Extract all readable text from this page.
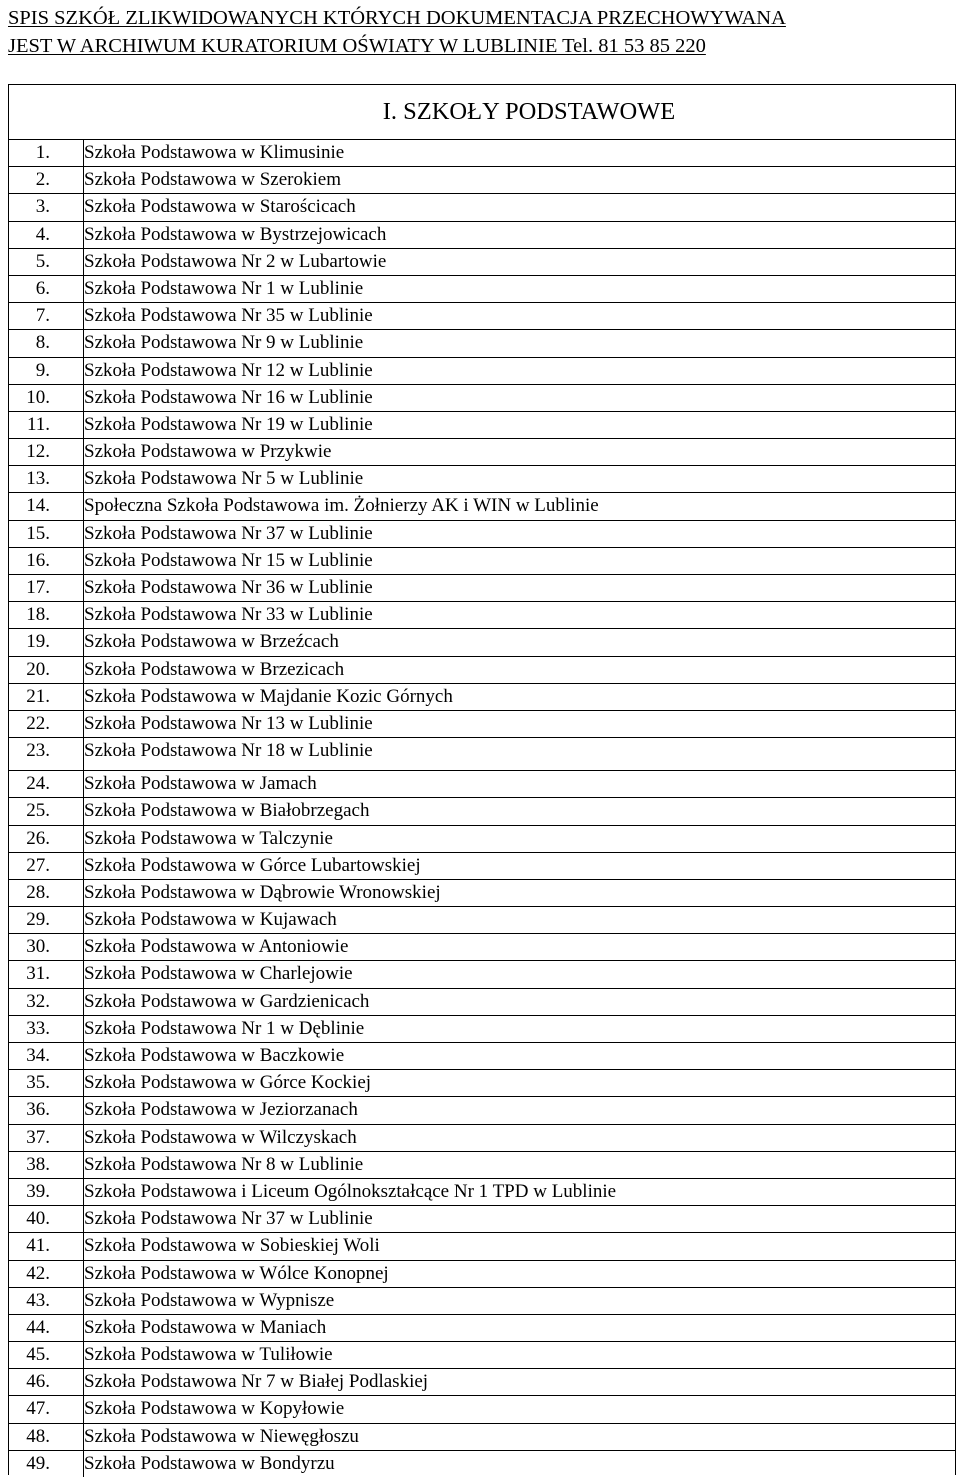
SPIS SZKÓŁ ZLIKWIDOWANYCH KTÓRYCH DOKUMENTACJA PRZECHOWYWANA
JEST W ARCHIWUM KURATORIUM OŚWIATY W LUBLINIE Tel. 81 53 85 220
I. SZKOŁY PODSTAWOWE
1. Szkoła Podstawowa w Klimusinie
2. Szkoła Podstawowa w Szerokiem
3. Szkoła Podstawowa w Starościcach
4. Szkoła Podstawowa w Bystrzejowicach
5. Szkoła Podstawowa Nr 2 w Lubartowie
6. Szkoła Podstawowa Nr 1 w Lublinie
7. Szkoła Podstawowa Nr 35 w Lublinie
8. Szkoła Podstawowa Nr 9 w Lublinie
9. Szkoła Podstawowa Nr 12 w Lublinie
10. Szkoła Podstawowa Nr 16 w Lublinie
11. Szkoła Podstawowa Nr 19 w Lublinie
12. Szkoła Podstawowa w Przykwie
13. Szkoła Podstawowa Nr 5 w Lublinie
14. Społeczna Szkoła Podstawowa im. Żołnierzy AK i WIN w Lublinie
15. Szkoła Podstawowa Nr 37 w Lublinie
16. Szkoła Podstawowa Nr 15 w Lublinie
17. Szkoła Podstawowa Nr 36 w Lublinie
18. Szkoła Podstawowa Nr 33 w Lublinie
19. Szkoła Podstawowa w Brzeźcach
20. Szkoła Podstawowa w Brzezicach
21. Szkoła Podstawowa w Majdanie Kozic Górnych
22. Szkoła Podstawowa Nr 13 w Lublinie
23. Szkoła Podstawowa Nr 18 w Lublinie
24. Szkoła Podstawowa w Jamach
25. Szkoła Podstawowa w Białobrzegach
26. Szkoła Podstawowa w Talczynie
27. Szkoła Podstawowa w Górce Lubartowskiej
28. Szkoła Podstawowa w Dąbrowie Wronowskiej
29. Szkoła Podstawowa w Kujawach
30. Szkoła Podstawowa w Antoniowie
31. Szkoła Podstawowa w Charlejowie
32. Szkoła Podstawowa w Gardzienicach
33. Szkoła Podstawowa Nr 1 w Dęblinie
34. Szkoła Podstawowa w Baczkowie
35. Szkoła Podstawowa w Górce Kockiej
36. Szkoła Podstawowa w Jeziorzanach
37. Szkoła Podstawowa w Wilczyskach
38. Szkoła Podstawowa Nr 8 w Lublinie
39. Szkoła Podstawowa i Liceum Ogólnokształcące Nr 1 TPD w Lublinie
40. Szkoła Podstawowa Nr 37 w Lublinie
41. Szkoła Podstawowa w Sobieskiej Woli
42. Szkoła Podstawowa w Wólce Konopnej
43. Szkoła Podstawowa w Wypnisze
44. Szkoła Podstawowa w Maniach
45. Szkoła Podstawowa w Tuliłowie
46. Szkoła Podstawowa Nr 7 w Białej Podlaskiej
47. Szkoła Podstawowa w Kopyłowie
48. Szkoła Podstawowa w Niewęgłoszu
49. Szkoła Podstawowa w Bondyrzu
